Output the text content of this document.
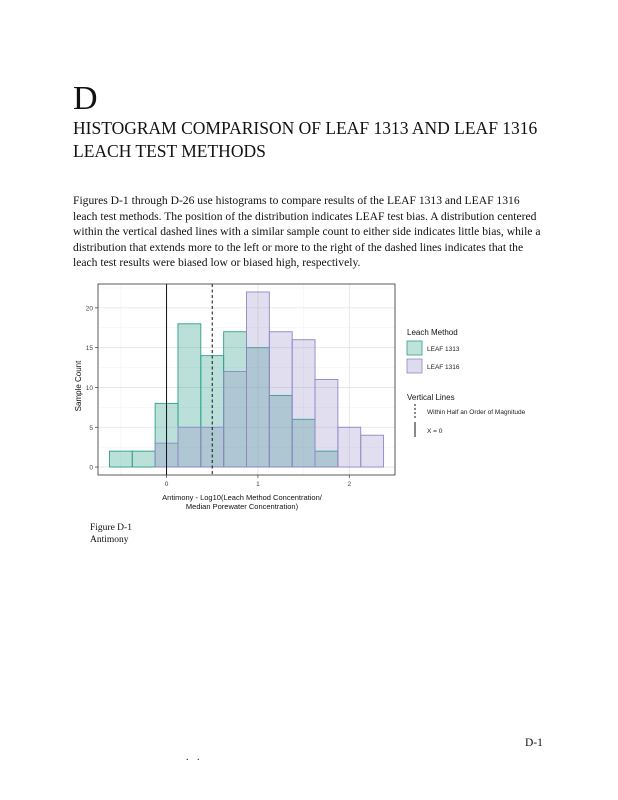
D
HISTOGRAM COMPARISON OF LEAF 1313 AND LEAF 1316 LEACH TEST METHODS

Figures D-1 through D-26 use histograms to compare results of the LEAF 1313 and LEAF 1316 leach test methods. The position of the distribution indicates LEAF test bias. A distribution centered within the vertical dashed lines with a similar sample count to either side indicates little bias, while a distribution that extends more to the left or more to the right of the dashed lines indicates that the leach test results were biased low or biased high, respectively.

0
5
10
15
20
0	1	2
Sample Count
Antimony - Log10(Leach Method Concentration/
Median Porewater Concentration)
Leach Method
LEAF 1313
LEAF 1316
Vertical Lines
Within Half an Order of Magnitude
X = 0
Figure D-1
Antimony
D-1
. .
